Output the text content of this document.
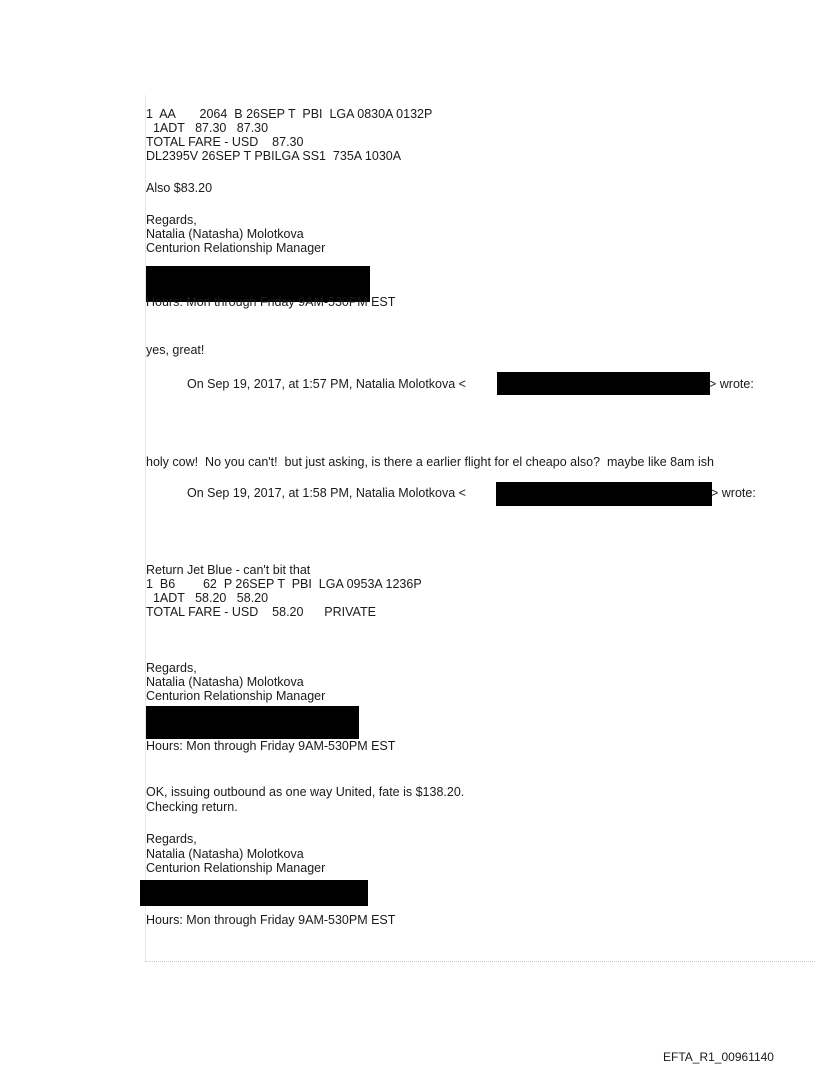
1  AA       2064  B 26SEP T  PBI  LGA 0830A 0132P
1ADT   87.30   87.30
TOTAL FARE - USD    87.30
DL2395V 26SEP T PBILGA SS1  735A 1030A
Also $83.20
Regards,
Natalia (Natasha) Molotkova
Centurion Relationship Manager
Hours: Mon through Friday 9AM-530PM EST
yes, great!
On Sep 19, 2017, at 1:57 PM, Natalia Molotkova <	> wrote:
holy cow!  No you can't!  but just asking, is there a earlier flight for el cheapo also?  maybe like 8am ish
On Sep 19, 2017, at 1:58 PM, Natalia Molotkova <	> wrote:
Return Jet Blue - can't bit that
1  B6        62  P 26SEP T  PBI  LGA 0953A 1236P
1ADT   58.20   58.20
TOTAL FARE - USD    58.20      PRIVATE
Regards,
Natalia (Natasha) Molotkova
Centurion Relationship Manager
Hours: Mon through Friday 9AM-530PM EST
OK, issuing outbound as one way United, fate is $138.20.
Checking return.
Regards,
Natalia (Natasha) Molotkova
Centurion Relationship Manager
Hours: Mon through Friday 9AM-530PM EST
EFTA_R1_00961140
